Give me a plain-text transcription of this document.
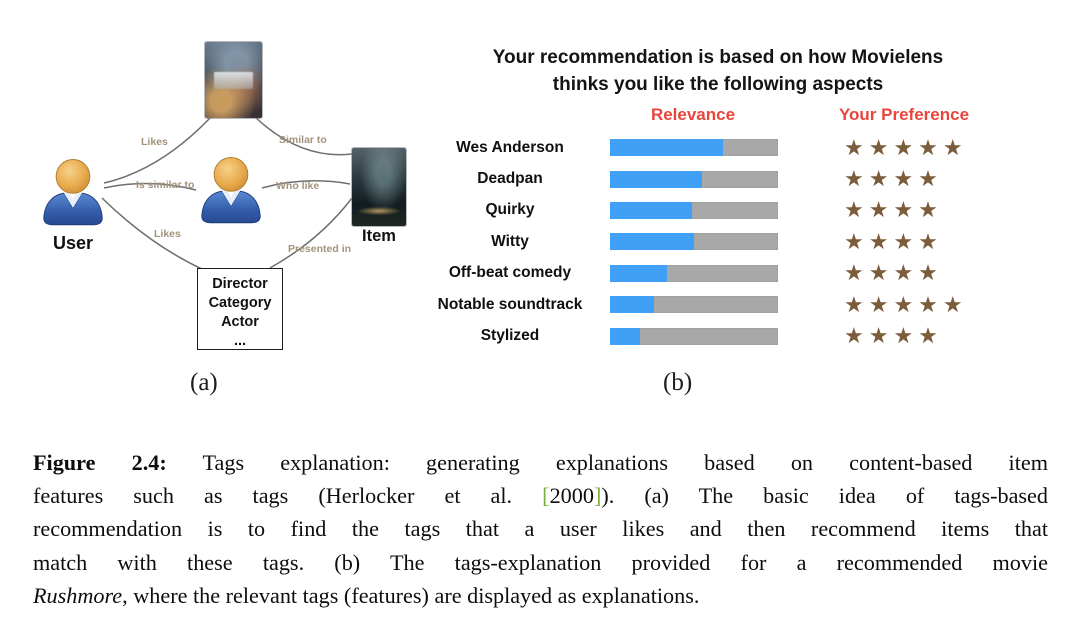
User	Item
Director
Category
Actor
...
Likes	Similar to
Is similar to	Who like
Likes
Presented in
Your recommendation is based on how Movielens
thinks you like the following aspects
Relevance	Your Preference
Wes Anderson	★★★★★
Deadpan	★★★★
Quirky	★★★★
Witty	★★★★
Off-beat comedy	★★★★
Notable soundtrack	★★★★★
Stylized	★★★★
(a)	(b)
Figure 2.4: Tags explanation: generating explanations based on content-based item
features such as tags (Herlocker et al. [2000]). (a) The basic idea of tags-based
recommendation is to find the tags that a user likes and then recommend items that
match with these tags. (b) The tags-explanation provided for a recommended movie
Rushmore, where the relevant tags (features) are displayed as explanations.
